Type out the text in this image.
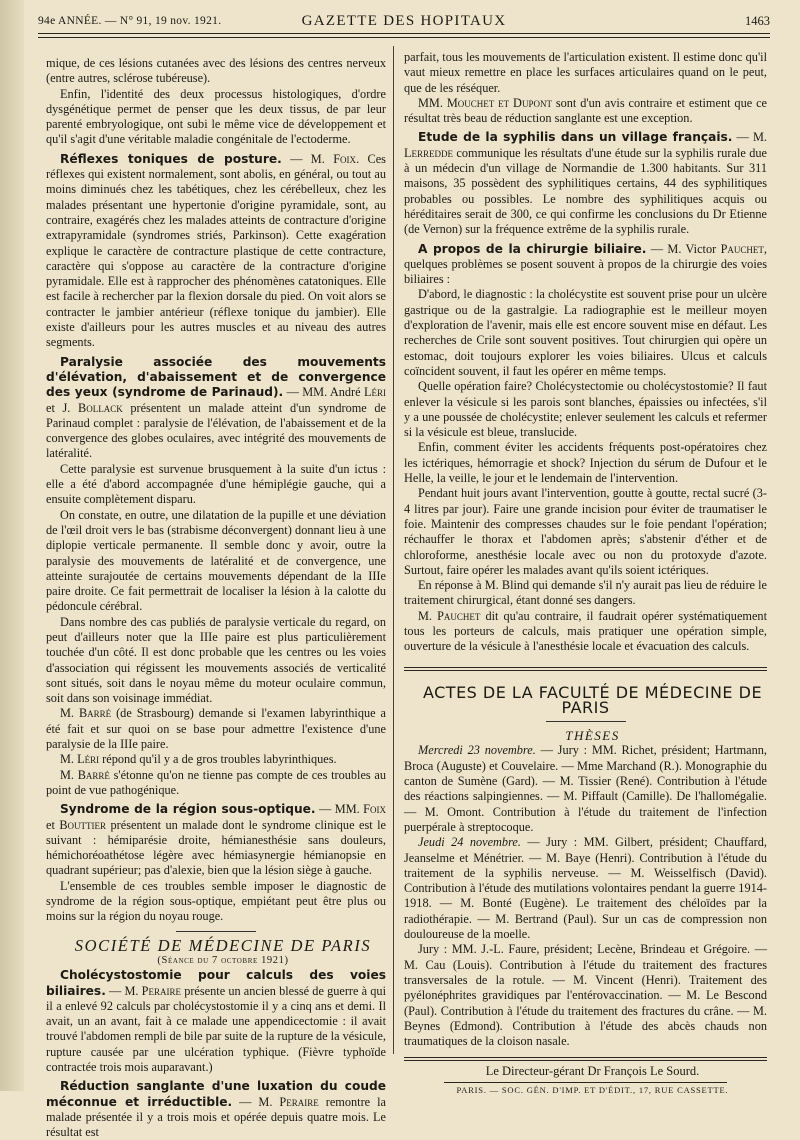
94e ANNÉE. — N° 91, 19 nov. 1921.	GAZETTE DES HOPITAUX	1463

mique, de ces lésions cutanées avec des lésions des centres nerveux (entre autres, sclérose tubéreuse).

Enfin, l'identité des deux processus histologiques, d'ordre dysgénétique permet de penser que les deux tissus, de par leur parenté embryologique, ont subi le même vice de développement et qu'il s'agit d'une véritable maladie congénitale de l'ectoderme.

Réflexes toniques de posture. — M. Foix. Ces réflexes qui existent normalement, sont abolis, en général, ou tout au moins diminués chez les tabétiques, chez les cérébelleux, chez les malades présentant une hypertonie d'origine pyramidale, sont, au contraire, exagérés chez les malades atteints de contracture d'origine extrapyramidale (syndromes striés, Parkinson). Cette exagération explique le caractère de contracture plastique de cette contracture, caractère qui s'oppose au caractère de la contracture d'origine pyramidale. Elle est à rapprocher des phénomènes catatoniques. Elle est facile à rechercher par la flexion dorsale du pied. On voit alors se contracter le jambier antérieur (réflexe tonique du jambier). Elle existe d'ailleurs pour les autres muscles et au niveau des autres segments.

Paralysie associée des mouvements d'élévation, d'abaissement et de convergence des yeux (syndrome de Parinaud). — MM. André Léri et J. Bollack présentent un malade atteint d'un syndrome de Parinaud complet : paralysie de l'élévation, de l'abaissement et de la convergence des globes oculaires, avec intégrité des mouvements de latéralité.

Cette paralysie est survenue brusquement à la suite d'un ictus : elle a été d'abord accompagnée d'une hémiplégie gauche, qui a ensuite complètement disparu.

On constate, en outre, une dilatation de la pupille et une déviation de l'œil droit vers le bas (strabisme déconvergent) donnant lieu à une diplopie verticale permanente. Il semble donc y avoir, outre la paralysie des mouvements de latéralité et de convergence, une atteinte surajoutée de certains mouvements dépendant de la IIIe paire droite. Ce fait permettrait de localiser la lésion à la calotte du pédoncule cérébral.

Dans nombre des cas publiés de paralysie verticale du regard, on peut d'ailleurs noter que la IIIe paire est plus particulièrement touchée d'un côté. Il est donc probable que les centres ou les voies d'association qui régissent les mouvements associés de verticalité sont situés, soit dans le noyau même du moteur oculaire commun, soit dans son voisinage immédiat.

M. Barré (de Strasbourg) demande si l'examen labyrinthique a été fait et sur quoi on se base pour admettre l'existence d'une paralysie de la IIIe paire.

M. Léri répond qu'il y a de gros troubles labyrinthiques.

M. Barré s'étonne qu'on ne tienne pas compte de ces troubles au point de vue pathogénique.

Syndrome de la région sous-optique. — MM. Foix et Bouttier présentent un malade dont le syndrome clinique est le suivant : hémiparésie droite, hémianesthésie sans douleurs, hémichoréoathétose légère avec hémiasynergie hémianopsie en quadrant supérieur; pas d'alexie, bien que la lésion siège à gauche.

L'ensemble de ces troubles semble imposer le diagnostic de syndrome de la région sous-optique, empiétant peut être plus ou moins sur la région du noyau rouge.

SOCIÉTÉ DE MÉDECINE DE PARIS

(Séance du 7 octobre 1921)

Cholécystostomie pour calculs des voies biliaires. — M. Peraire présente un ancien blessé de guerre à qui il a enlevé 92 calculs par cholécystostomie il y a cinq ans et demi. Il avait, un an avant, fait à ce malade une appendicectomie : il avait trouvé l'abdomen rempli de bile par suite de la rupture de la vésicule, rupture causée par une ulcération typhique. (Fièvre typhoïde contractée trois mois auparavant.)

Réduction sanglante d'une luxation du coude méconnue et irréductible. — M. Peraire remontre la malade présentée il y a trois mois et opérée depuis quatre mois. Le résultat est

parfait, tous les mouvements de l'articulation existent. Il estime donc qu'il vaut mieux remettre en place les surfaces articulaires quand on le peut, que de les réséquer.

MM. Mouchet et Dupont sont d'un avis contraire et estiment que ce résultat très beau de réduction sanglante est une exception.

Etude de la syphilis dans un village français. — M. Lerredde communique les résultats d'une étude sur la syphilis rurale due à un médecin d'un village de Normandie de 1.300 habitants. Sur 311 maisons, 35 possèdent des syphilitiques certains, 44 des syphilitiques probables ou possibles. Le nombre des syphilitiques acquis ou héréditaires serait de 300, ce qui confirme les conclusions du Dr Etienne (de Vernon) sur la fréquence extrême de la syphilis rurale.

A propos de la chirurgie biliaire. — M. Victor Pauchet, quelques problèmes se posent souvent à propos de la chirurgie des voies biliaires :

D'abord, le diagnostic : la cholécystite est souvent prise pour un ulcère gastrique ou de la gastralgie. La radiographie est le meilleur moyen d'exploration de l'avenir, mais elle est encore souvent mise en défaut. Les recherches de Crile sont souvent positives. Tout chirurgien qui opère un estomac, doit toujours explorer les voies biliaires. Ulcus et calculs coïncident souvent, il faut les opérer en même temps.

Quelle opération faire? Cholécystectomie ou cholécystostomie? Il faut enlever la vésicule si les parois sont blanches, épaissies ou infectées, s'il y a une poussée de cholécystite; enlever seulement les calculs et refermer si la vésicule est bleue, translucide.

Enfin, comment éviter les accidents fréquents post-opératoires chez les ictériques, hémorragie et shock? Injection du sérum de Dufour et le Helle, la veille, le jour et le lendemain de l'intervention.

Pendant huit jours avant l'intervention, goutte à goutte, rectal sucré (3-4 litres par jour). Faire une grande incision pour éviter de traumatiser le foie. Maintenir des compresses chaudes sur le foie pendant l'opération; réchauffer le thorax et l'abdomen après; s'abstenir d'éther et de chloroforme, anesthésie locale avec ou non du protoxyde d'azote. Surtout, faire opérer les malades avant qu'ils soient ictériques.

En réponse à M. Blind qui demande s'il n'y aurait pas lieu de réduire le traitement chirurgical, étant donné ses dangers.

M. Pauchet dit qu'au contraire, il faudrait opérer systématiquement tous les porteurs de calculs, mais pratiquer une opération simple, ouverture de la vésicule à l'anesthésie locale et évacuation des calculs.

ACTES DE LA FACULTÉ DE MÉDECINE DE PARIS

THÈSES

Mercredi 23 novembre. — Jury : MM. Richet, président; Hartmann, Broca (Auguste) et Couvelaire. — Mme Marchand (R.). Monographie du canton de Sumène (Gard). — M. Tissier (René). Contribution à l'étude des réactions salpingiennes. — M. Piffault (Camille). De l'hallomégalie. — M. Omont. Contribution à l'étude du traitement de l'infection puerpérale à streptocoque.

Jeudi 24 novembre. — Jury : MM. Gilbert, président; Chauffard, Jeanselme et Ménétrier. — M. Baye (Henri). Contribution à l'étude du traitement de la syphilis nerveuse. — M. Weisselfisch (David). Contribution à l'étude des mutilations volontaires pendant la guerre 1914-1918. — M. Bonté (Eugène). Le traitement des chéloïdes par la radiothérapie. — M. Bertrand (Paul). Sur un cas de compression non douloureuse de la moelle.

Jury : MM. J.-L. Faure, président; Lecène, Brindeau et Grégoire. — M. Cau (Louis). Contribution à l'étude du traitement des fractures transversales de la rotule. — M. Vincent (Henri). Traitement des pyélonéphrites gravidiques par l'entérovaccination. — M. Le Bescond (Paul). Contribution à l'étude du traitement des fractures du crâne. — M. Beynes (Edmond). Contribution à l'étude des abcès chauds non traumatiques de la cloison nasale.

Le Directeur-gérant Dr François Le Sourd.

PARIS. — SOC. GÉN. D'IMP. ET D'ÉDIT., 17, RUE CASSETTE.
